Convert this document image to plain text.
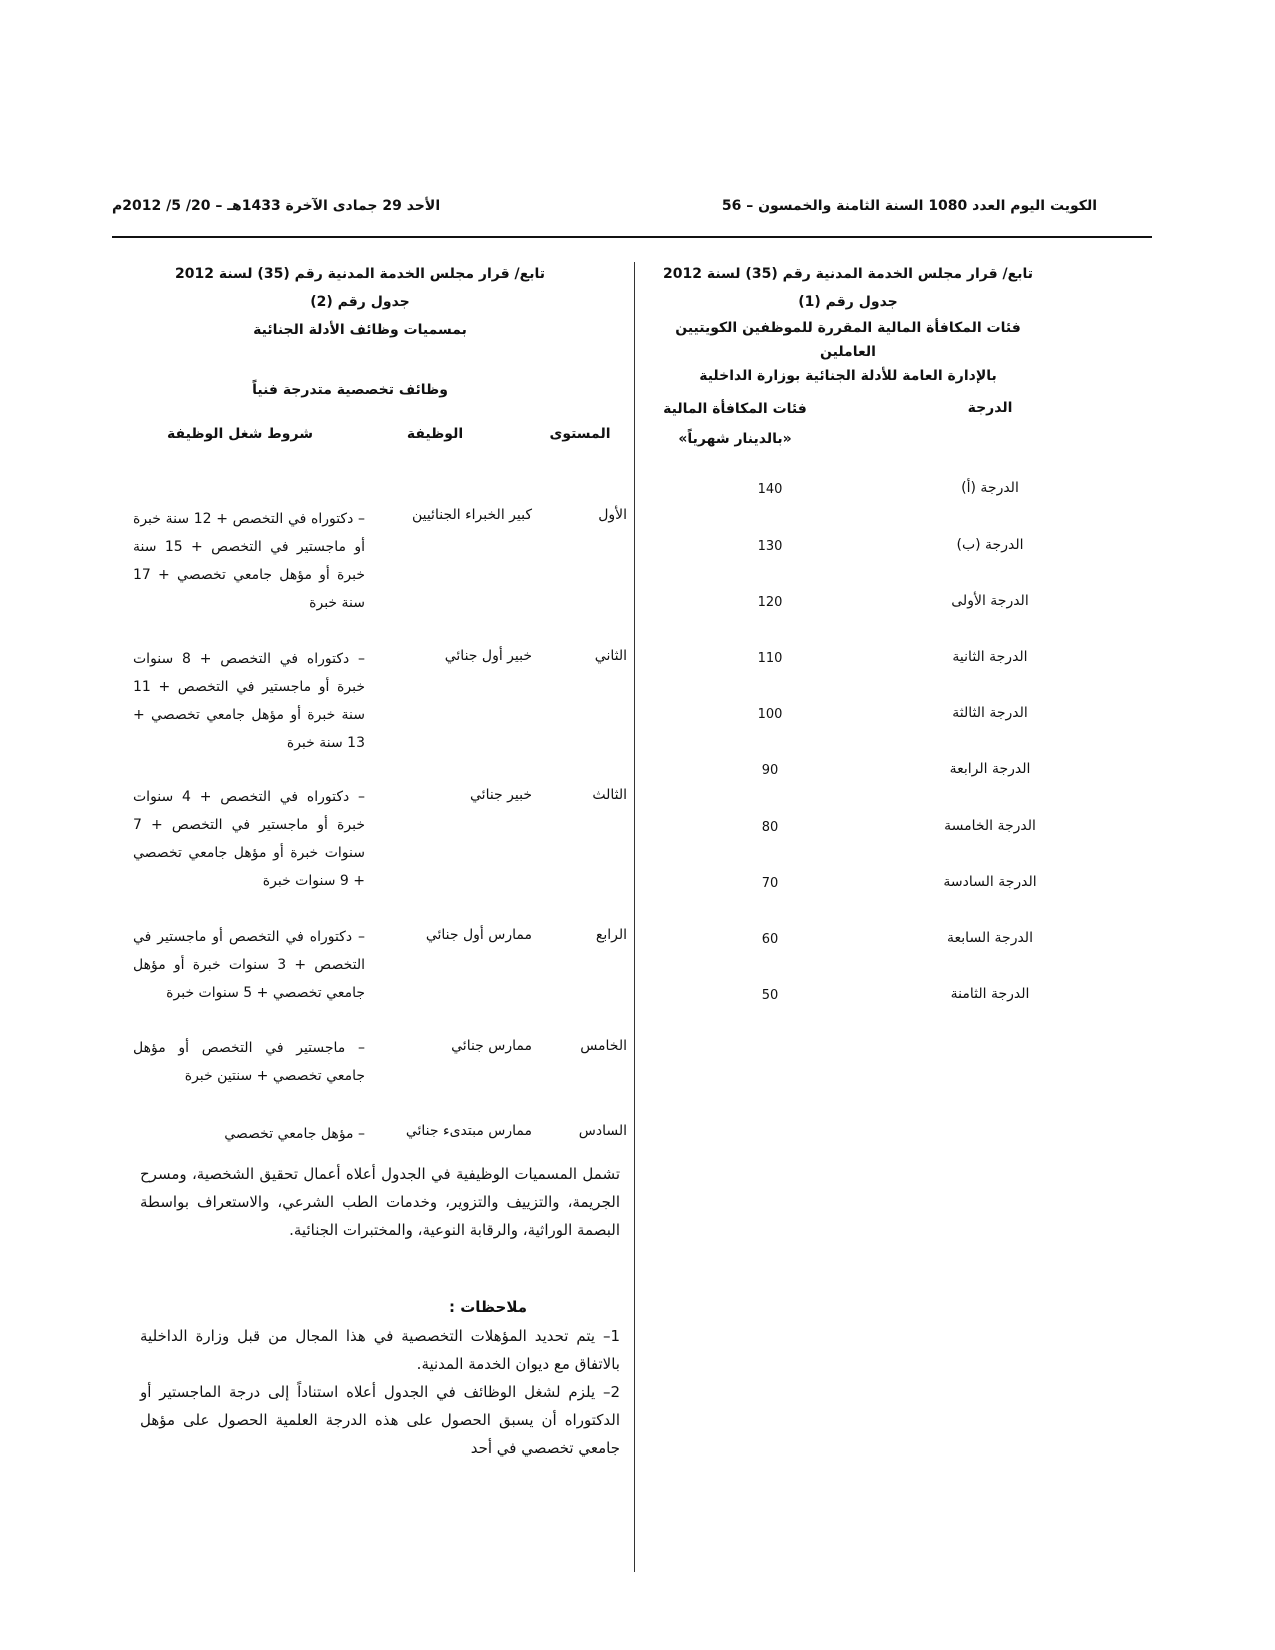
الكويت اليوم العدد 1080 السنة الثامنة والخمسون – 56
الأحد 29 جمادى الآخرة 1433هـ – 20/ 5/ 2012م
تابع/ قرار مجلس الخدمة المدنية رقم (35) لسنة 2012
جدول رقم (1)
فئات المكافأة المالية المقررة للموظفين الكويتيين العاملين
بالإدارة العامة للأدلة الجنائية بوزارة الداخلية
الدرجة
فئات المكافأة المالية
«بالدينار شهرياً»
الدرجة (أ)
140
الدرجة (ب)
130
الدرجة الأولى
120
الدرجة الثانية
110
الدرجة الثالثة
100
الدرجة الرابعة
90
الدرجة الخامسة
80
الدرجة السادسة
70
الدرجة السابعة
60
الدرجة الثامنة
50
تابع/ قرار مجلس الخدمة المدنية رقم (35) لسنة 2012
جدول رقم (2)
بمسميات وظائف الأدلة الجنائية
وظائف تخصصية متدرجة فنياً
المستوى
الوظيفة
شروط شغل الوظيفة
الأول
كبير الخبراء الجنائيين
– دكتوراه في التخصص + 12 سنة خبرة أو ماجستير في التخصص + 15 سنة خبرة أو مؤهل جامعي تخصصي + 17 سنة خبرة
الثاني
خبير أول جنائي
– دكتوراه في التخصص + 8 سنوات خبرة أو ماجستير في التخصص + 11 سنة خبرة أو مؤهل جامعي تخصصي + 13 سنة خبرة
الثالث
خبير جنائي
– دكتوراه في التخصص + 4 سنوات خبرة أو ماجستير في التخصص + 7 سنوات خبرة أو مؤهل جامعي تخصصي + 9 سنوات خبرة
الرابع
ممارس أول جنائي
– دكتوراه في التخصص أو ماجستير في التخصص + 3 سنوات خبرة أو مؤهل جامعي تخصصي + 5 سنوات خبرة
الخامس
ممارس جنائي
– ماجستير في التخصص أو مؤهل جامعي تخصصي + سنتين خبرة
السادس
ممارس مبتدىء جنائي
– مؤهل جامعي تخصصي
تشمل المسميات الوظيفية في الجدول أعلاه أعمال تحقيق الشخصية، ومسرح الجريمة، والتزييف والتزوير، وخدمات الطب الشرعي، والاستعراف بواسطة البصمة الوراثية، والرقابة النوعية، والمختبرات الجنائية.
ملاحظات :
1– يتم تحديد المؤهلات التخصصية في هذا المجال من قبل وزارة الداخلية بالاتفاق مع ديوان الخدمة المدنية.
2– يلزم لشغل الوظائف في الجدول أعلاه استناداً إلى درجة الماجستير أو الدكتوراه أن يسبق الحصول على هذه الدرجة العلمية الحصول على مؤهل جامعي تخصصي في أحد
